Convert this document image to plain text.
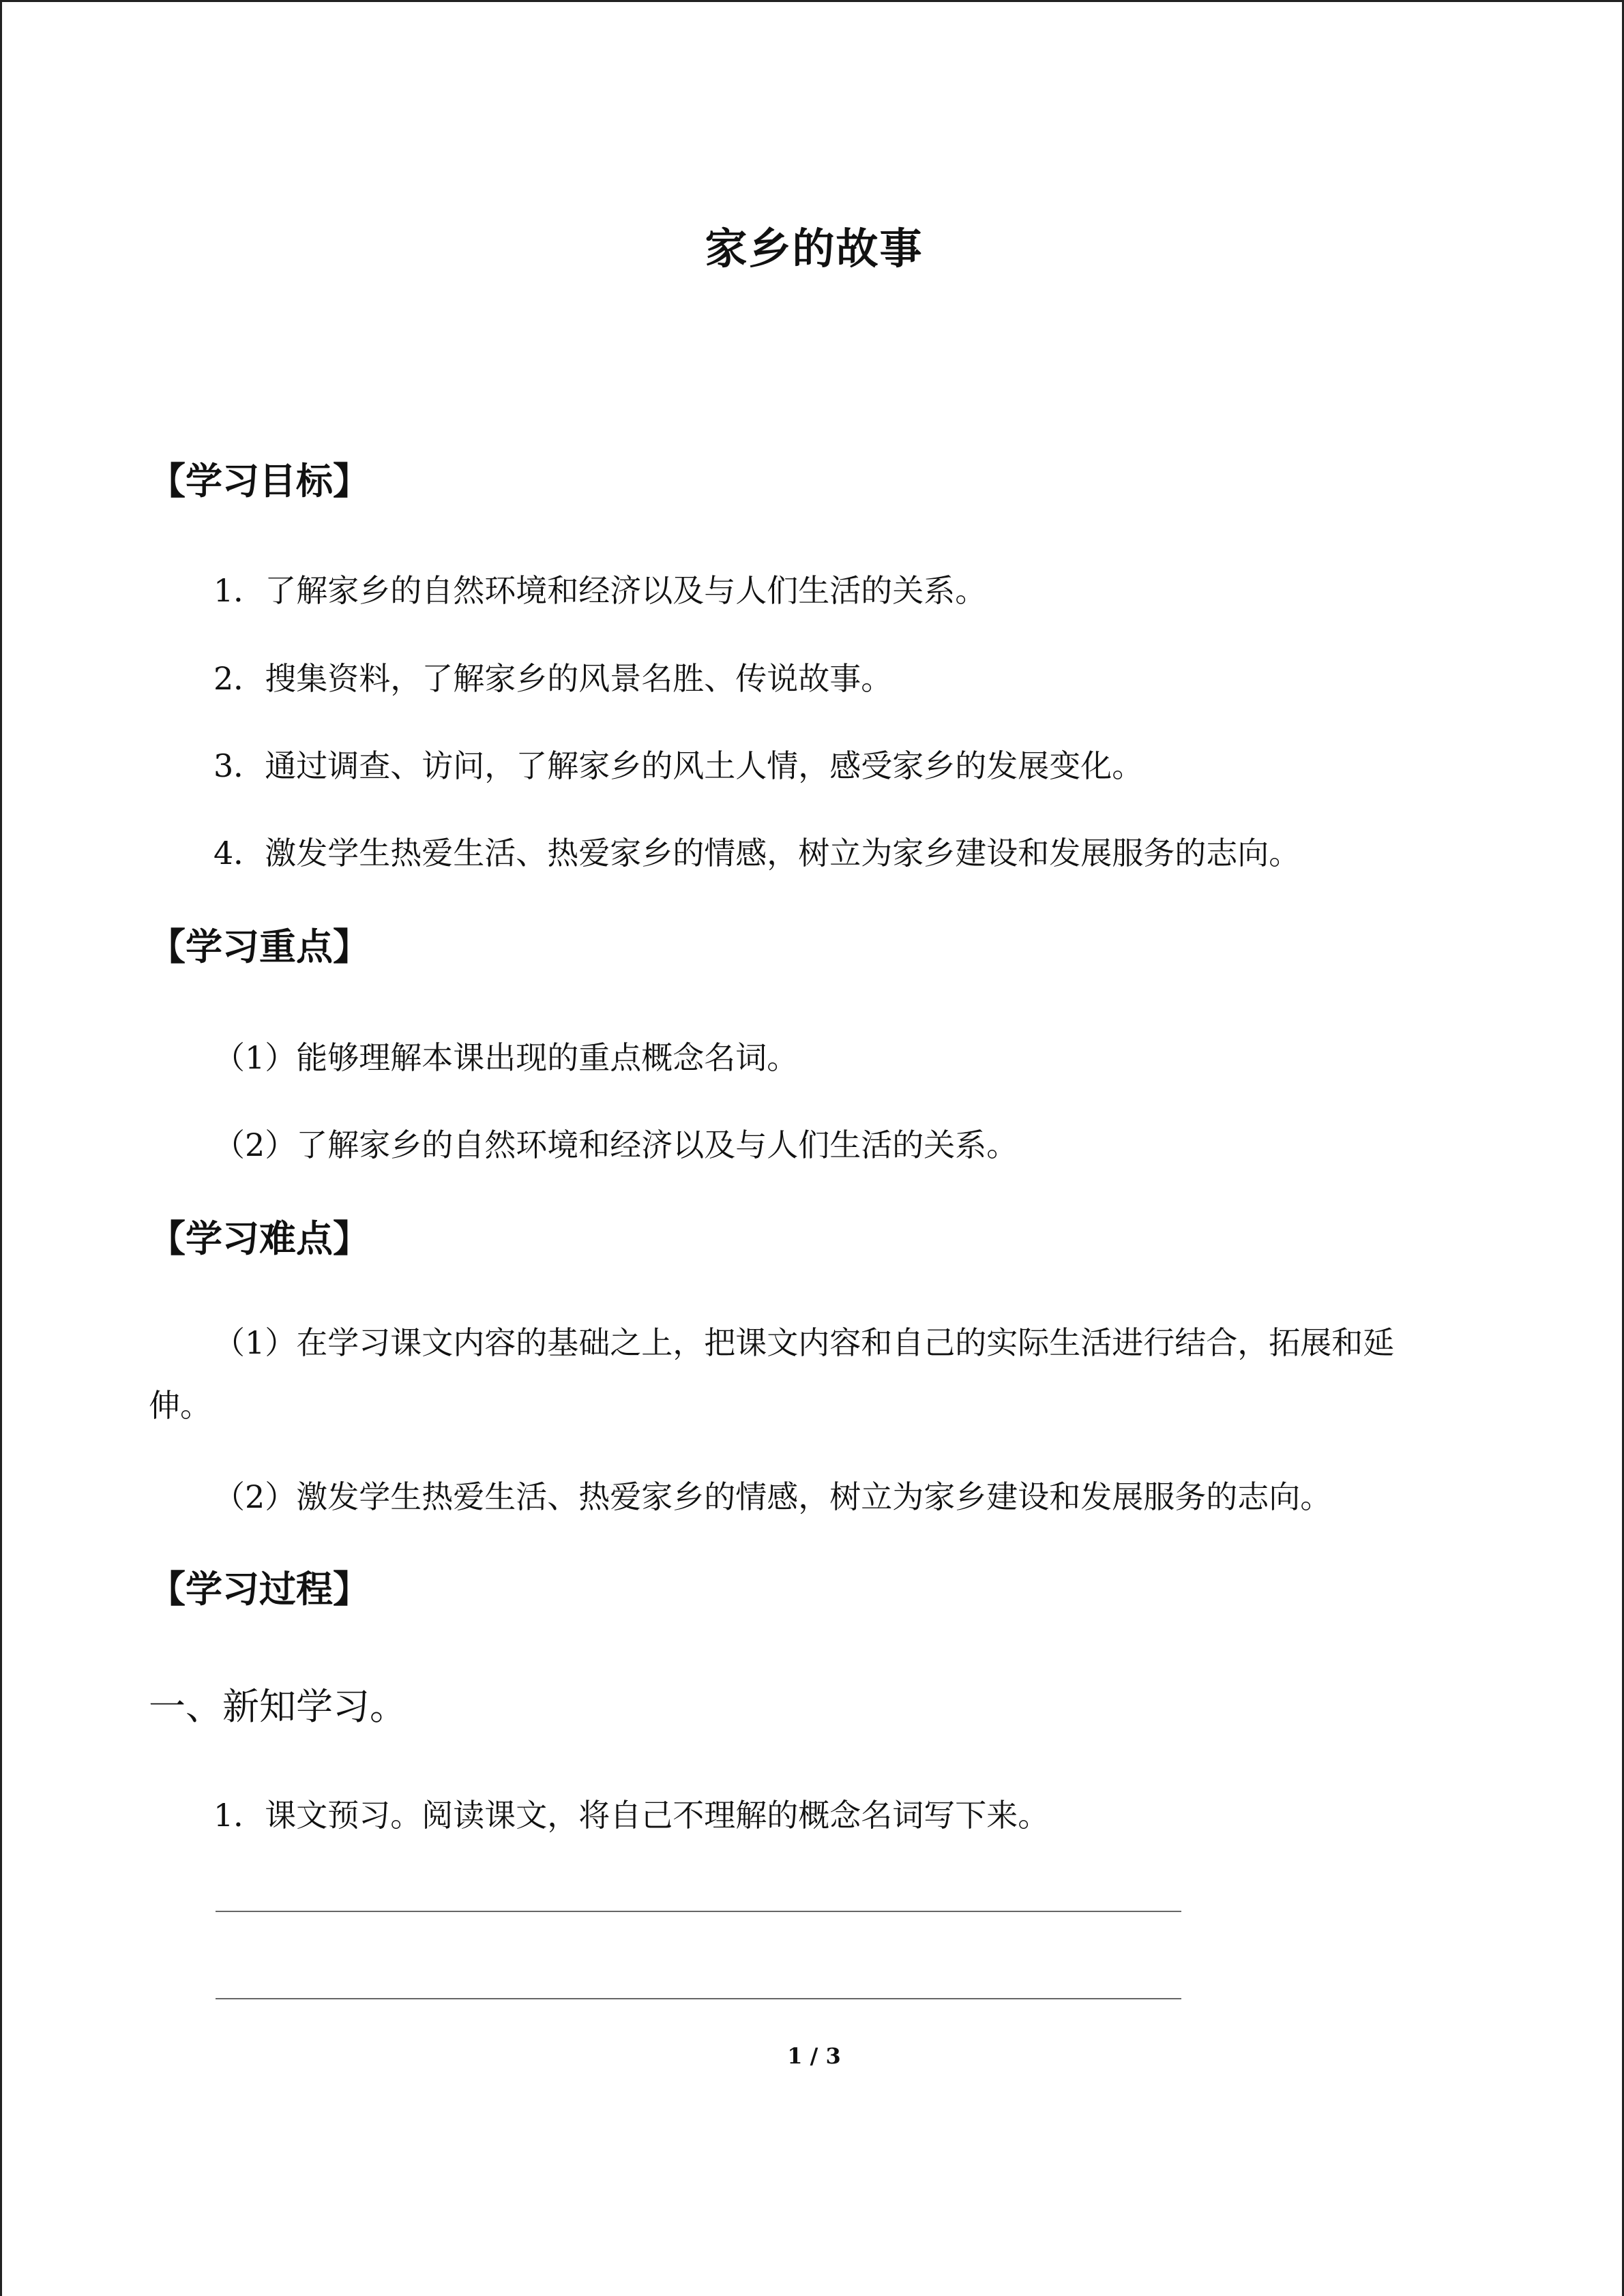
家乡的故事
【学习目标】
1．了解家乡的自然环境和经济以及与人们生活的关系。
2．搜集资料，了解家乡的风景名胜、传说故事。
3．通过调查、访问，了解家乡的风土人情，感受家乡的发展变化。
4．激发学生热爱生活、热爱家乡的情感，树立为家乡建设和发展服务的志向。
【学习重点】
（1）能够理解本课出现的重点概念名词。
（2）了解家乡的自然环境和经济以及与人们生活的关系。
【学习难点】
（1）在学习课文内容的基础之上，把课文内容和自己的实际生活进行结合，拓展和延伸。
（2）激发学生热爱生活、热爱家乡的情感，树立为家乡建设和发展服务的志向。
【学习过程】
一、新知学习。
1．课文预习。阅读课文，将自己不理解的概念名词写下来。
1 / 3
